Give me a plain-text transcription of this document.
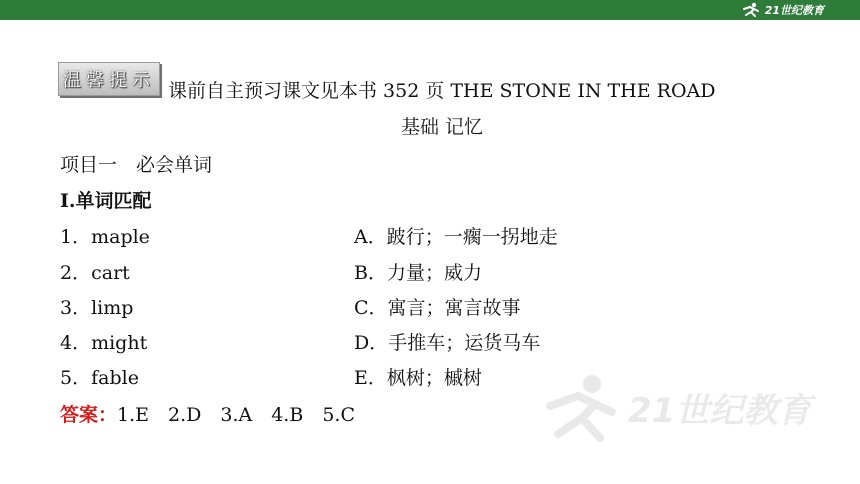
21世纪教育
温馨提示 课前自主预习课文见本书 352 页 THE STONE IN THE ROAD
基础 记忆
项目一　必会单词
Ⅰ.单词匹配
1．maple
2．cart
3．limp
4．might
5．fable
A．跛行；一瘸一拐地走
B．力量；威力
C．寓言；寓言故事
D．手推车；运货马车
E．枫树；槭树
答案：1.E　2.D　3.A　4.B　5.C	21世纪教育
